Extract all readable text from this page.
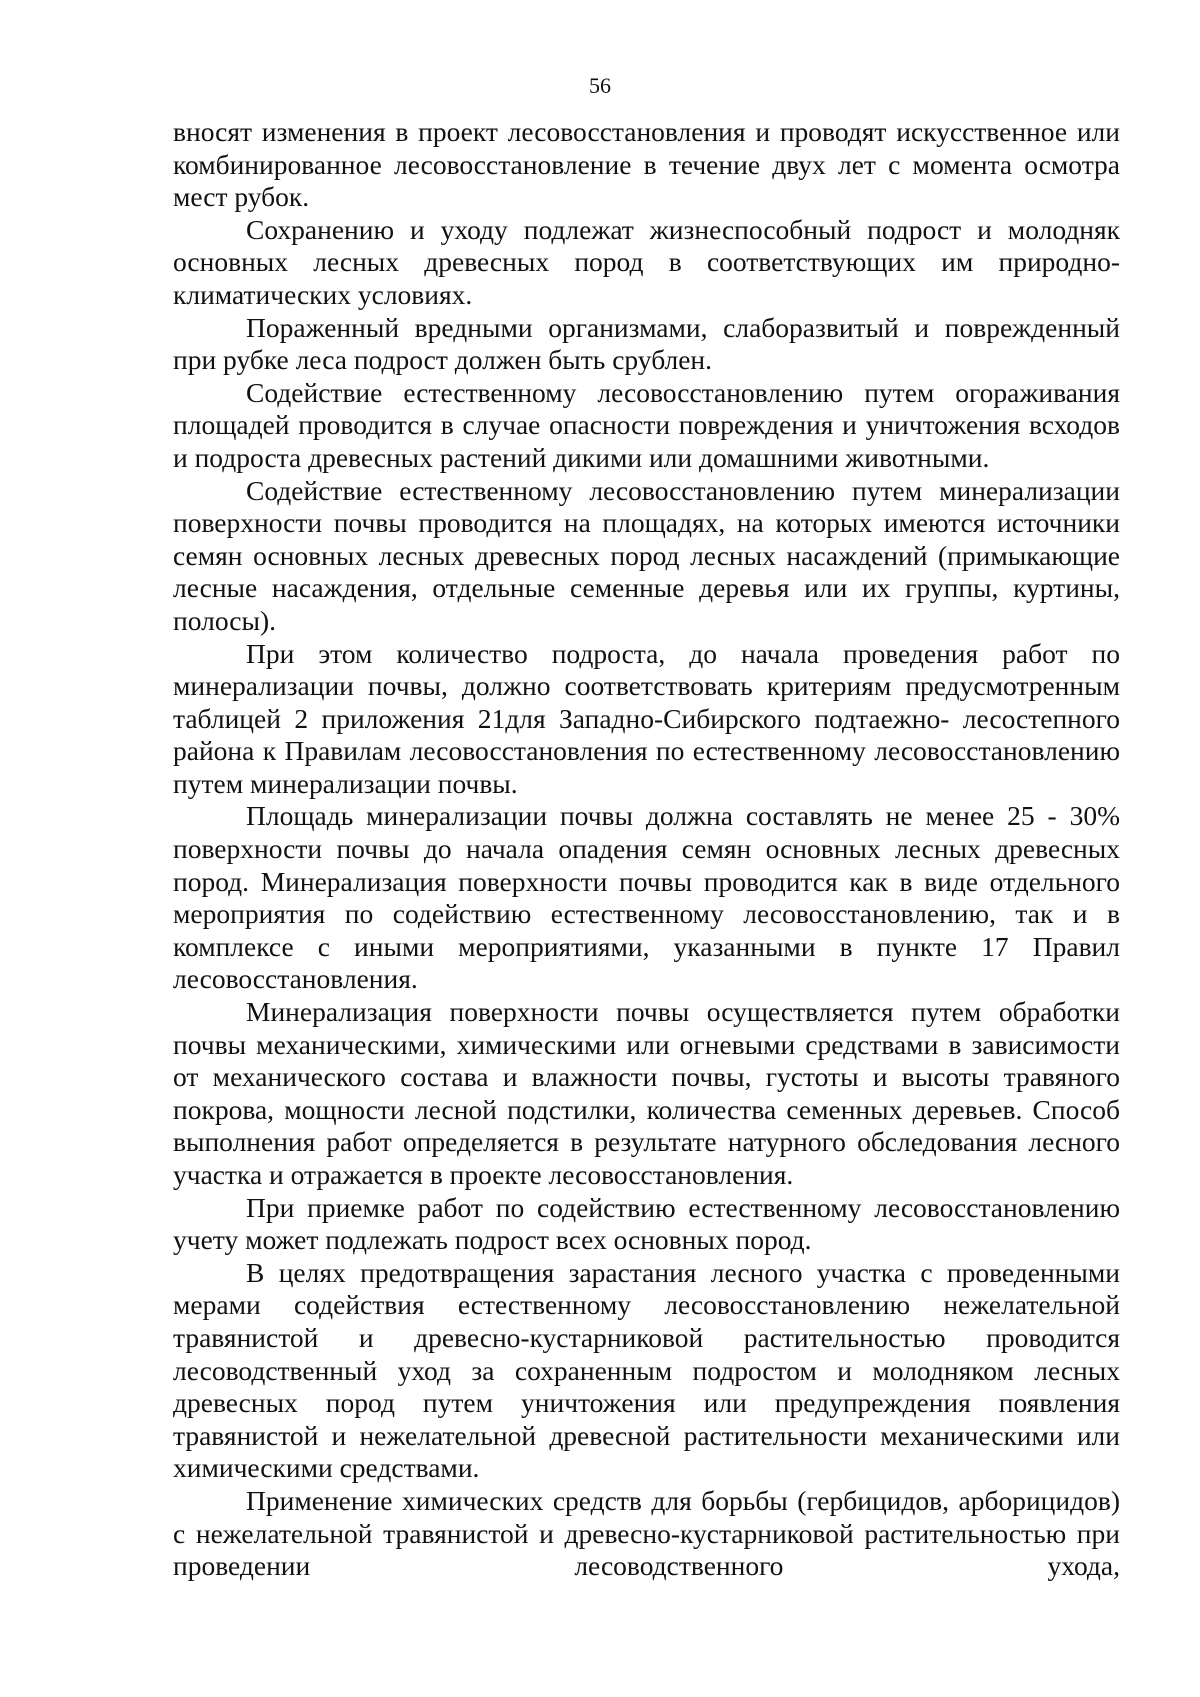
56

вносят изменения в проект лесовосстановления и проводят искусственное или комбинированное лесовосстановление в течение двух лет с момента осмотра мест рубок.

Сохранению и уходу подлежат жизнеспособный подрост и молодняк основных лесных древесных пород в соответствующих им природно-климатических условиях.

Пораженный вредными организмами, слаборазвитый и поврежденный при рубке леса подрост должен быть срублен.

Содействие естественному лесовосстановлению путем огораживания площадей проводится в случае опасности повреждения и уничтожения всходов и подроста древесных растений дикими или домашними животными.

Содействие естественному лесовосстановлению путем минерализации поверхности почвы проводится на площадях, на которых имеются источники семян основных лесных древесных пород лесных насаждений (примыкающие лесные насаждения, отдельные семенные деревья или их группы, куртины, полосы).

При этом количество подроста, до начала проведения работ по минерализации почвы, должно соответствовать критериям предусмотренным таблицей 2 приложения 21для Западно-Сибирского подтаежно- лесостепного района к Правилам лесовосстановления по естественному лесовосстановлению путем минерализации почвы.

Площадь минерализации почвы должна составлять не менее 25 - 30% поверхности почвы до начала опадения семян основных лесных древесных пород. Минерализация поверхности почвы проводится как в виде отдельного мероприятия по содействию естественному лесовосстановлению, так и в комплексе с иными мероприятиями, указанными в пункте 17 Правил лесовосстановления.

Минерализация поверхности почвы осуществляется путем обработки почвы механическими, химическими или огневыми средствами в зависимости от механического состава и влажности почвы, густоты и высоты травяного покрова, мощности лесной подстилки, количества семенных деревьев. Способ выполнения работ определяется в результате натурного обследования лесного участка и отражается в проекте лесовосстановления.

При приемке работ по содействию естественному лесовосстановлению учету может подлежать подрост всех основных пород.

В целях предотвращения зарастания лесного участка с проведенными мерами содействия естественному лесовосстановлению нежелательной травянистой и древесно-кустарниковой растительностью проводится лесоводственный уход за сохраненным подростом и молодняком лесных древесных пород путем уничтожения или предупреждения появления травянистой и нежелательной древесной растительности механическими или химическими средствами.

Применение химических средств для борьбы (гербицидов, арборицидов) с нежелательной травянистой и древесно-кустарниковой растительностью при проведении лесоводственного ухода,
